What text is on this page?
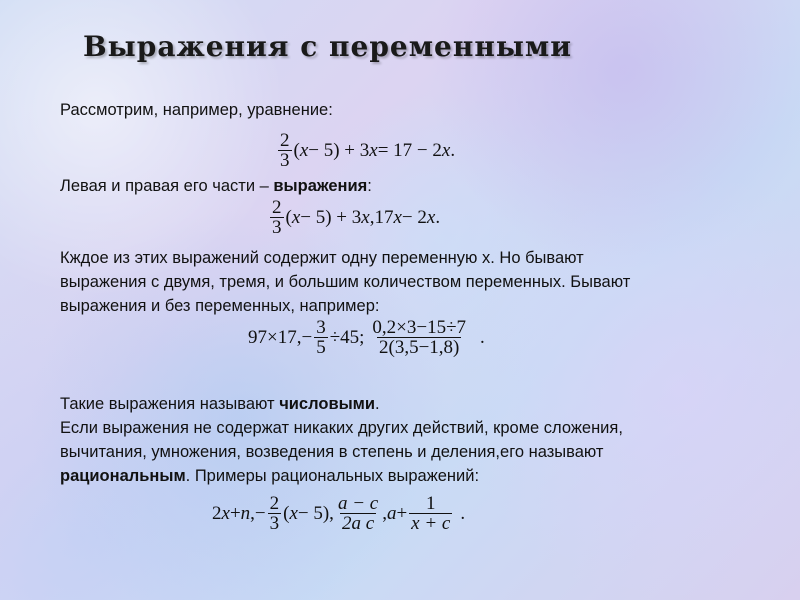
Выражения с переменными
Рассмотрим, например, уравнение:
$\frac{2}{3}$ ( x − 5) + 3 x = 17 − 2 x .
Левая и правая его части – выражения:
$\frac{2}{3}$ ( x − 5) + 3 x ,17 x − 2 x .
Кждое из этих выражений содержит одну переменную x. Но бывают
выражения с двумя, тремя, и большим количеством переменных. Бывают
выражения и без переменных, например:
$97\times 17,- \frac{3}{5} \div 45$; $\frac{0,2\times 3-15\div 7}{2(3,5-1,8)}$ .
Такие выражения называют числовыми.
Если выражения не содержат никаких других действий, кроме сложения,
вычитания, умножения, возведения в степень и деления,его называют
рациональным. Примеры рациональных выражений:
2 x + n ,− $\frac{2}{3}$ ( x − 5), $\frac{a - c}{\text{2a c}}$ , $a + \frac{1}{x + c}$ .
